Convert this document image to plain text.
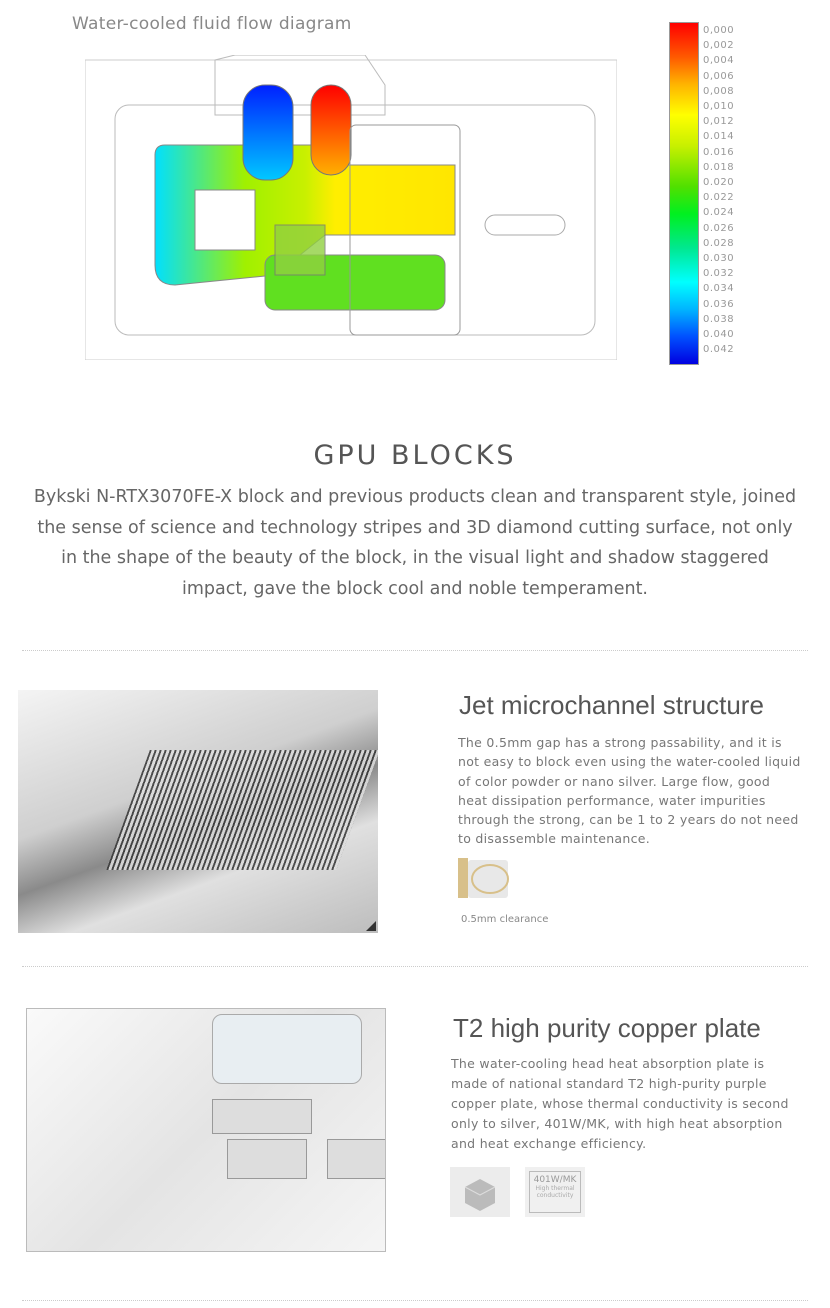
Water-cooled fluid flow diagram	0,000
0,002
0,004
0,006
0,008
0,010
0,012
0.014
0.016
0.018
0.020
0.022
0.024
0.026
0.028
0.030
0.032
0.034
0.036
0.038
0.040
0.042
GPU BLOCKS
Bykski N-RTX3070FE-X block and previous products clean and transparent style, joined the sense of science and technology stripes and 3D diamond cutting surface, not only in the shape of the beauty of the block, in the visual light and shadow staggered impact, gave the block cool and noble temperament.
Jet microchannel structure
The 0.5mm gap has a strong passability, and it is not easy to block even using the water-cooled liquid of color powder or nano silver. Large flow, good heat dissipation performance, water impurities through the strong, can be 1 to 2 years do not need to disassemble maintenance.
0.5mm clearance
T2 high purity copper plate
The water-cooling head heat absorption plate is made of national standard T2 high-purity purple copper plate, whose thermal conductivity is second only to silver, 401W/MK, with high heat absorption and heat exchange efficiency.
401W/MK
High thermal conductivity
